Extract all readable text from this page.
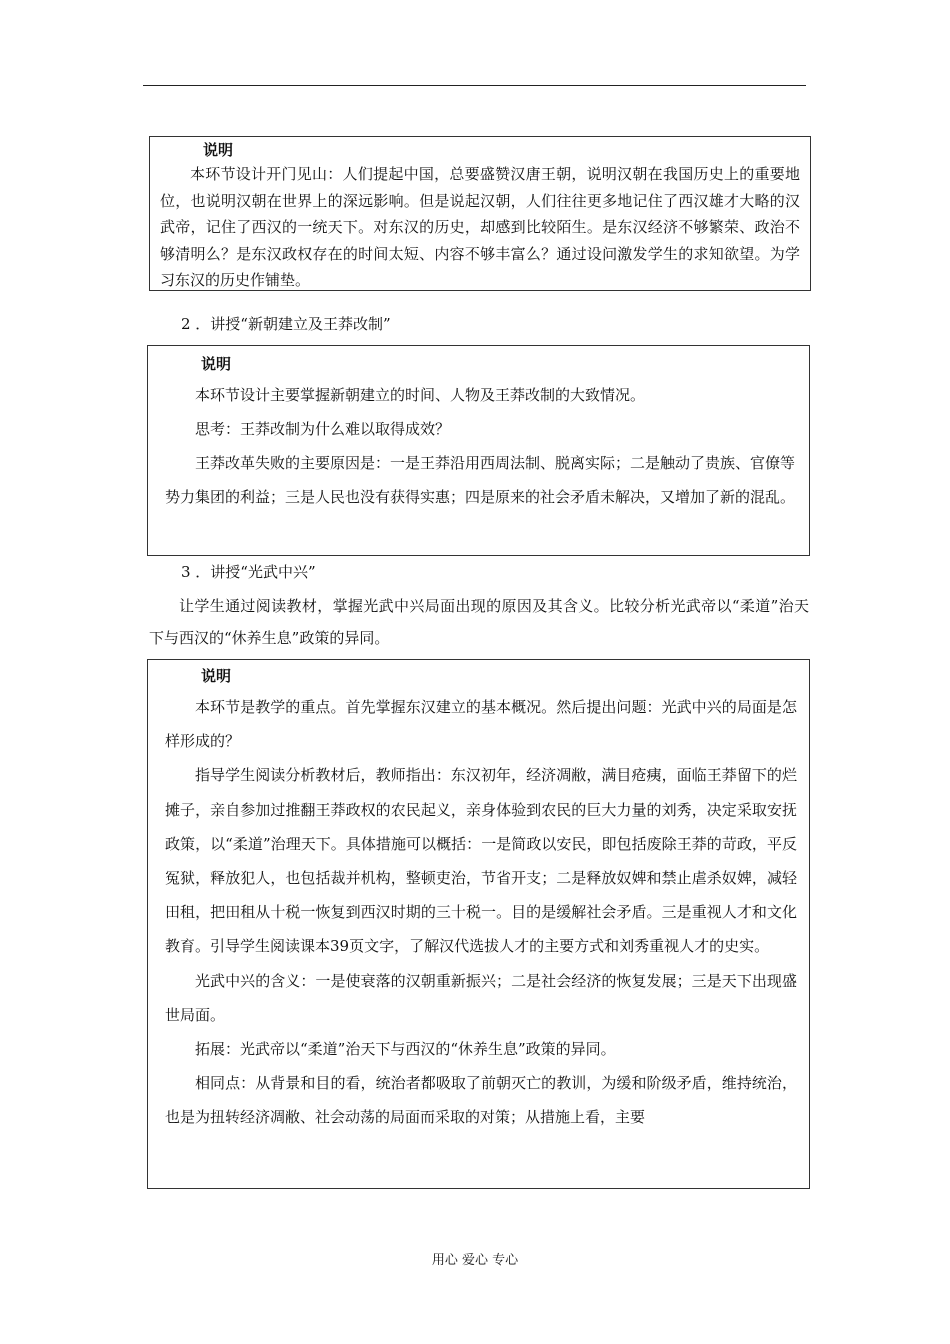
说明

本环节设计开门见山：人们提起中国，总要盛赞汉唐王朝，说明汉朝在我国历史上的重要地位，也说明汉朝在世界上的深远影响。但是说起汉朝，人们往往更多地记住了西汉雄才大略的汉武帝，记住了西汉的一统天下。对东汉的历史，却感到比较陌生。是东汉经济不够繁荣、政治不够清明么？是东汉政权存在的时间太短、内容不够丰富么？通过设问激发学生的求知欲望。为学习东汉的历史作铺垫。

2 ．讲授“新朝建立及王莽改制”
说明

本环节设计主要掌握新朝建立的时间、人物及王莽改制的大致情况。

思考：王莽改制为什么难以取得成效？

王莽改革失败的主要原因是：一是王莽沿用西周法制、脱离实际；二是触动了贵族、官僚等势力集团的利益；三是人民也没有获得实惠；四是原来的社会矛盾未解决，又增加了新的混乱。

3 ．讲授“光武中兴”

让学生通过阅读教材，掌握光武中兴局面出现的原因及其含义。比较分析光武帝以“柔道”治天下与西汉的“休养生息”政策的异同。

说明

本环节是教学的重点。首先掌握东汉建立的基本概况。然后提出问题：光武中兴的局面是怎样形成的？

指导学生阅读分析教材后，教师指出：东汉初年，经济凋敝，满目疮痍，面临王莽留下的烂摊子，亲自参加过推翻王莽政权的农民起义，亲身体验到农民的巨大力量的刘秀，决定采取安抚政策，以“柔道”治理天下。具体措施可以概括：一是简政以安民，即包括废除王莽的苛政，平反冤狱，释放犯人，也包括裁并机构，整顿吏治，节省开支；二是释放奴婢和禁止虐杀奴婢，减轻田租，把田租从十税一恢复到西汉时期的三十税一。目的是缓解社会矛盾。三是重视人才和文化教育。引导学生阅读课本39页文字，了解汉代选拔人才的主要方式和刘秀重视人才的史实。

光武中兴的含义：一是使衰落的汉朝重新振兴；二是社会经济的恢复发展；三是天下出现盛世局面。

拓展：光武帝以“柔道”治天下与西汉的“休养生息”政策的异同。

相同点：从背景和目的看，统治者都吸取了前朝灭亡的教训，为缓和阶级矛盾，维持统治，也是为扭转经济凋敝、社会动荡的局面而采取的对策；从措施上看，主要

用心 爱心 专心
